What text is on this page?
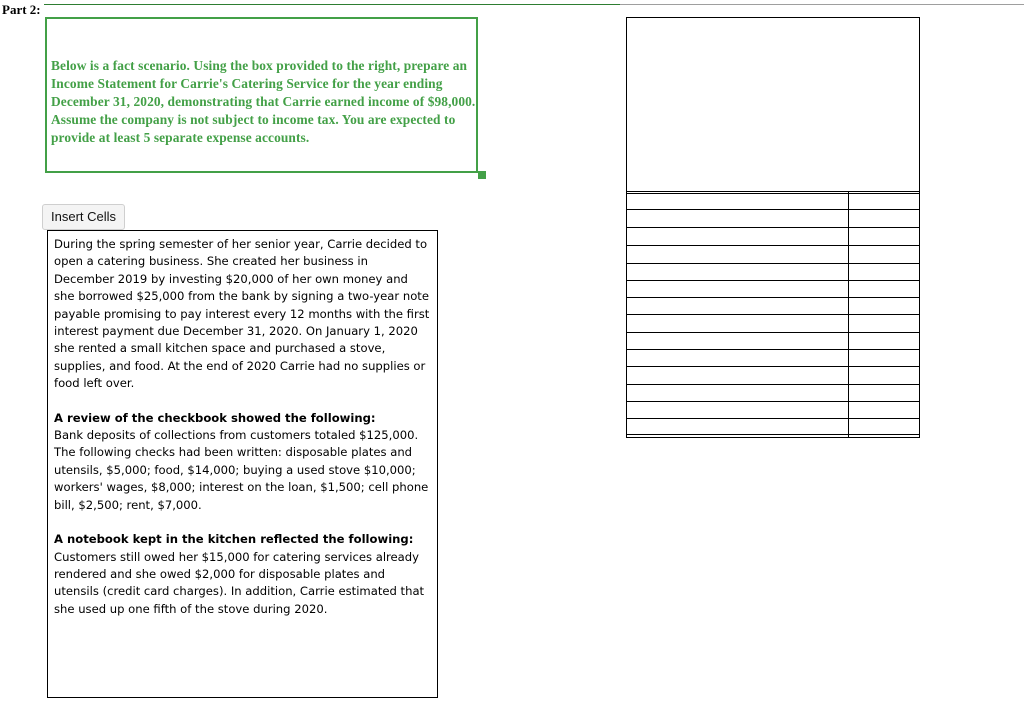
Part 2:

Below is a fact scenario. Using the box provided to the right, prepare an Income Statement for Carrie's Catering Service for the year ending December 31, 2020, demonstrating that Carrie earned income of $98,000. Assume the company is not subject to income tax. You are expected to provide at least 5 separate expense accounts.

Insert Cells

During the spring semester of her senior year, Carrie decided to open a catering business. She created her business in December 2019 by investing $20,000 of her own money and she borrowed $25,000 from the bank by signing a two-year note payable promising to pay interest every 12 months with the first interest payment due December 31, 2020. On January 1, 2020 she rented a small kitchen space and purchased a stove, supplies, and food. At the end of 2020 Carrie had no supplies or food left over.

A review of the checkbook showed the following:

Bank deposits of collections from customers totaled $125,000. The following checks had been written: disposable plates and utensils, $5,000; food, $14,000; buying a used stove $10,000; workers' wages, $8,000; interest on the loan, $1,500; cell phone bill, $2,500; rent, $7,000.

A notebook kept in the kitchen reflected the following:

Customers still owed her $15,000 for catering services already rendered and she owed $2,000 for disposable plates and utensils (credit card charges). In addition, Carrie estimated that she used up one fifth of the stove during 2020.
